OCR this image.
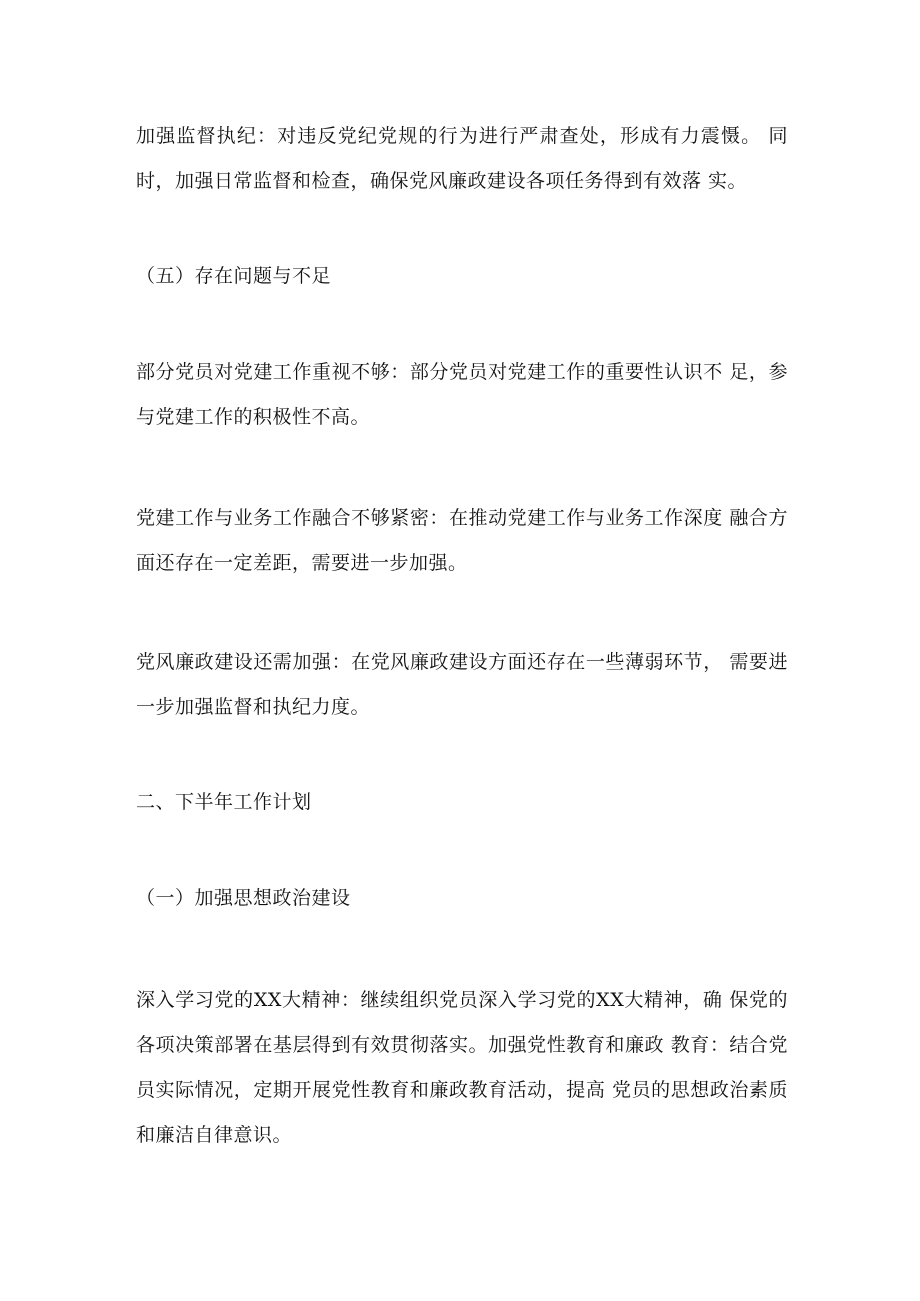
加强监督执纪：对违反党纪党规的行为进行严肃查处，形成有力震慑。 同时，加强日常监督和检查，确保党风廉政建设各项任务得到有效落 实。

（五）存在问题与不足

部分党员对党建工作重视不够：部分党员对党建工作的重要性认识不 足，参与党建工作的积极性不高。

党建工作与业务工作融合不够紧密：在推动党建工作与业务工作深度 融合方面还存在一定差距，需要进一步加强。

党风廉政建设还需加强：在党风廉政建设方面还存在一些薄弱环节， 需要进一步加强监督和执纪力度。

二、下半年工作计划

（一）加强思想政治建设

深入学习党的XX大精神：继续组织党员深入学习党的XX大精神，确 保党的各项决策部署在基层得到有效贯彻落实。加强党性教育和廉政 教育：结合党员实际情况，定期开展党性教育和廉政教育活动，提高 党员的思想政治素质和廉洁自律意识。
